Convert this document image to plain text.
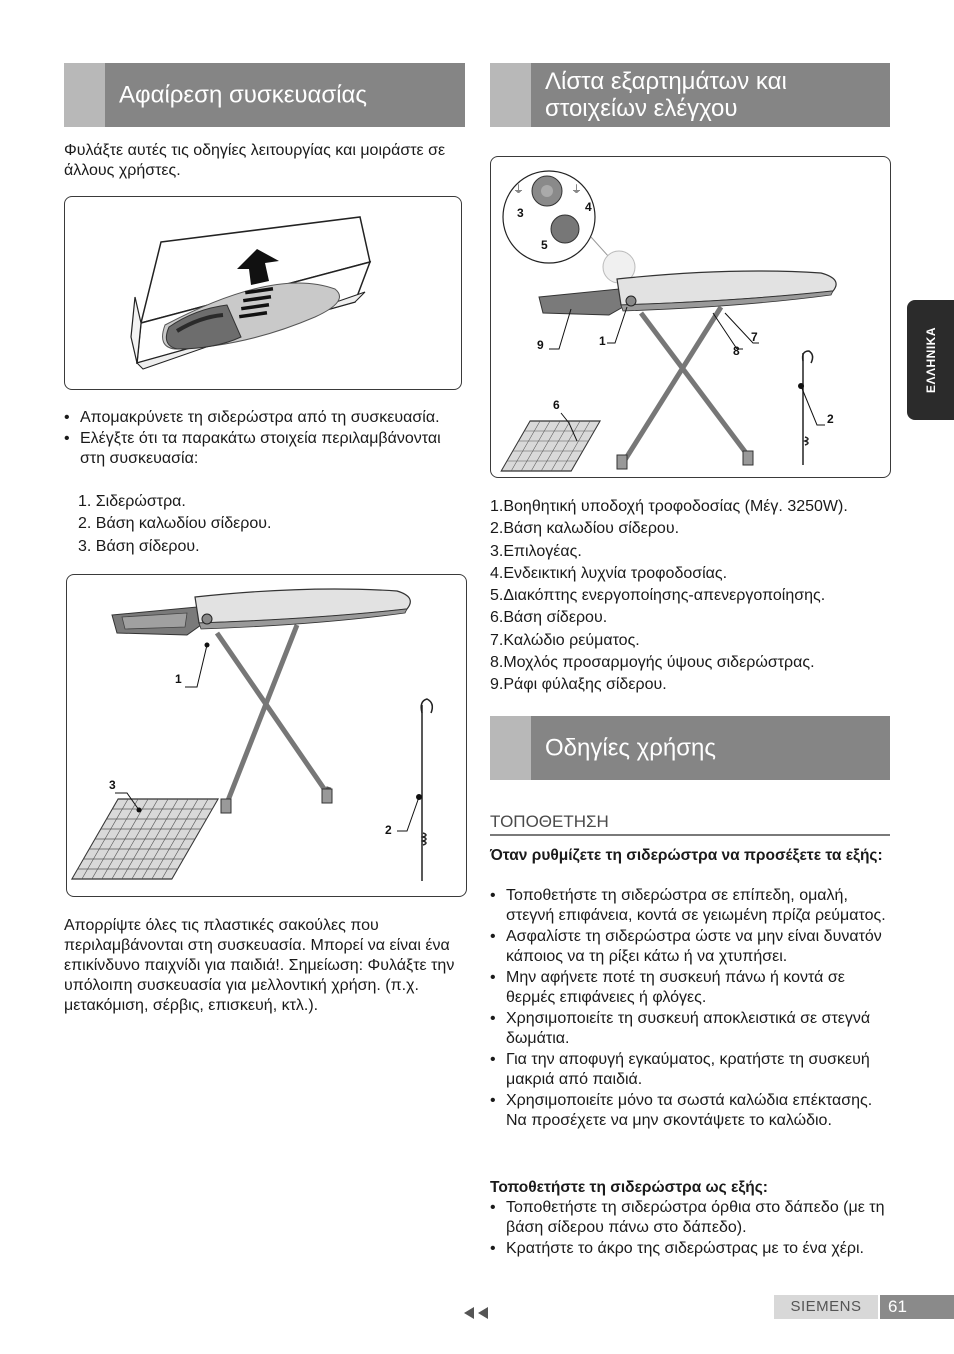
Αφαίρεση συσκευασίας	Λίστα εξαρτημάτων και στοιχείων ελέγχου
Οδηγίες χρήσης
Φυλάξτε αυτές τις οδηγίες λειτουργίας και μοιράστε σε άλλους χρήστες.
• Απομακρύνετε τη σιδερώστρα από τη συσκευασία.
• Ελέγξτε ότι τα παρακάτω στοιχεία περιλαμβάνονται στη συσκευασία:
1. Σιδερώστρα.
2. Βάση καλωδίου σίδερου.
3. Βάση σίδερου.
1
2
3
Απορρίψτε όλες τις πλαστικές σακούλες που περιλαμβάνονται στη συσκευασία. Μπορεί να είναι ένα επικίνδυνο παιχνίδι για παιδιά!. Σημείωση: Φυλάξτε την υπόλοιπη συσκευασία για μελλοντική χρήση. (π.χ. μετακόμιση, σέρβις, επισκευή, κτλ.).
⏚	⏚
1
2
3	4
5
6
7
8
9
1.Βοηθητική υποδοχή τροφοδοσίας (Μέγ. 3250W).
2.Βάση καλωδίου σίδερου.
3.Επιλογέας.
4.Ενδεικτική λυχνία τροφοδοσίας.
5.Διακόπτης ενεργοποίησης-απενεργοποίησης.
6.Βάση σίδερου.
7.Καλώδιο ρεύματος.
8.Μοχλός προσαρμογής ύψους σιδερώστρας.
9.Ράφι φύλαξης σίδερου.
ΤΟΠΟΘΕΤΗΣΗ
Όταν ρυθμίζετε τη σιδερώστρα να προσέξετε τα εξής:
• Τοποθετήστε τη σιδερώστρα σε επίπεδη, ομαλή, στεγνή επιφάνεια, κοντά σε γειωμένη πρίζα ρεύματος.
• Ασφαλίστε τη σιδερώστρα ώστε να μην είναι δυνατόν κάποιος να τη ρίξει κάτω ή να χτυπήσει.
• Μην αφήνετε ποτέ τη συσκευή πάνω ή κοντά σε θερμές επιφάνειες ή φλόγες.
• Χρησιμοποιείτε τη συσκευή αποκλειστικά σε στεγνά δωμάτια.
• Για την αποφυγή εγκαύματος, κρατήστε τη συσκευή μακριά από παιδιά.
• Χρησιμοποιείτε μόνο τα σωστά καλώδια επέκτασης. Να προσέχετε να μην σκοντάψετε το καλώδιο.
Τοποθετήστε τη σιδερώστρα ως εξής:
• Τοποθετήστε τη σιδερώστρα όρθια στο δάπεδο (με τη βάση σίδερου πάνω στο δάπεδο).
• Κρατήστε το άκρο της σιδερώστρας με το ένα χέρι.
ΕΛΛΗΝΙΚΑ
SIEMENS	61
